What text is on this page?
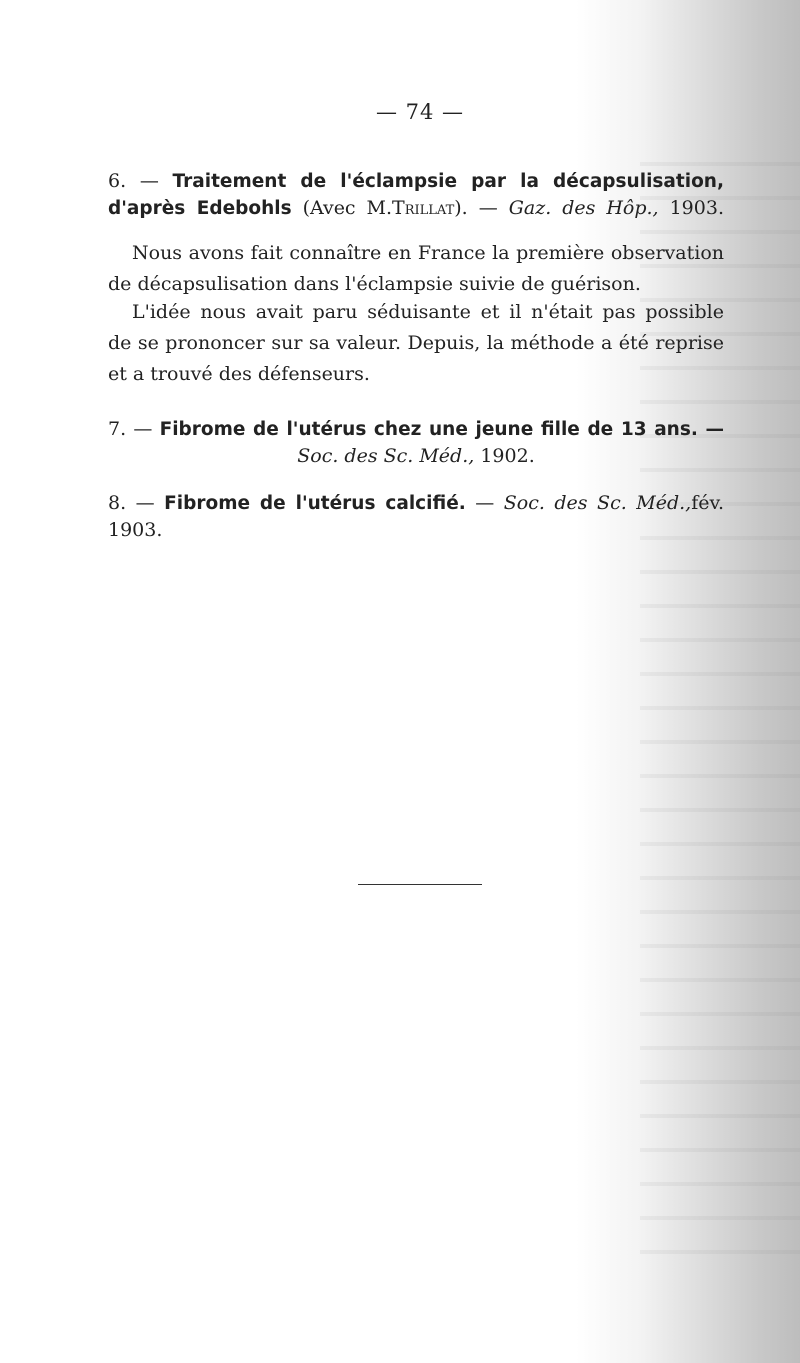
— 74 —
6. — Traitement de l'éclampsie par la décapsulisation,
d'après Edebohls (Avec M.Trillat). — Gaz. des Hôp., 1903.
Nous avons fait connaître en France la première observation
de décapsulisation dans l'éclampsie suivie de guérison.
L'idée nous avait paru séduisante et il n'était pas possible
de se prononcer sur sa valeur. Depuis, la méthode a été reprise
et a trouvé des défenseurs.
7. — Fibrome de l'utérus chez une jeune fille de 13 ans. —
Soc. des Sc. Méd., 1902.
8. — Fibrome de l'utérus calcifié. — Soc. des Sc. Méd.,fév. 1903.
